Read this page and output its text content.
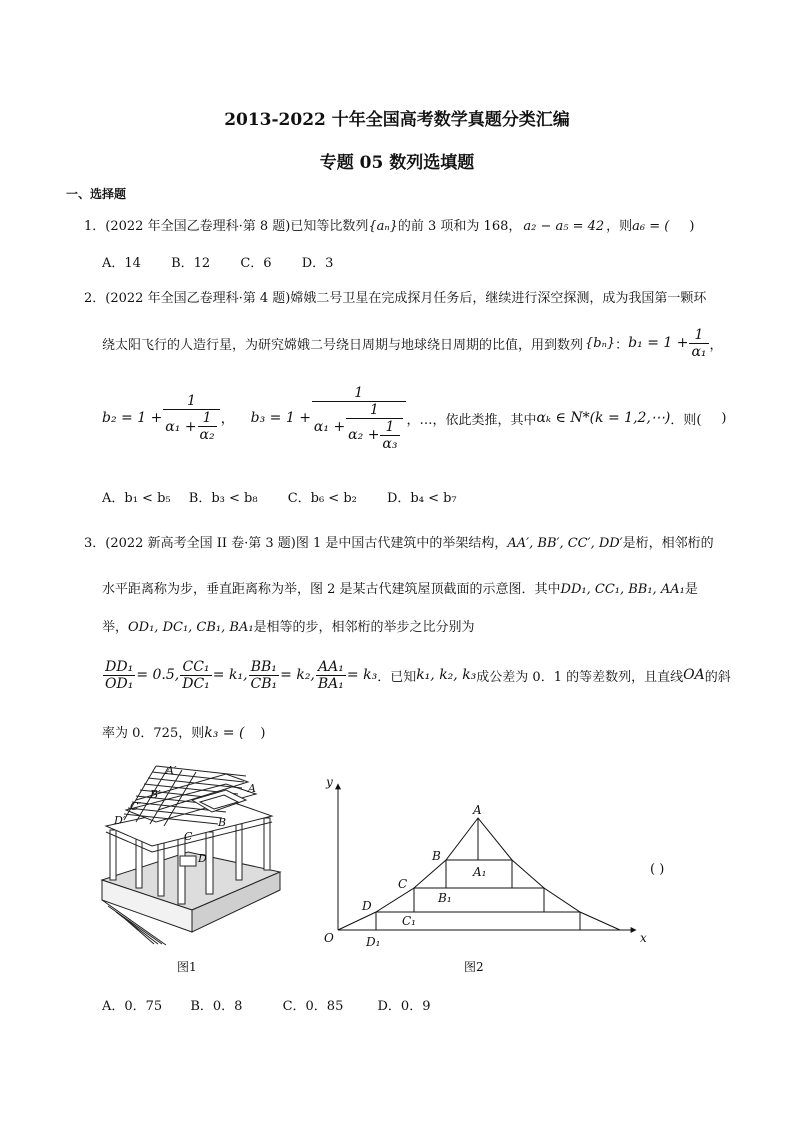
2013-2022 十年全国高考数学真题分类汇编
专题 05 数列选填题
一、选择题
1．(2022 年全国乙卷理科·第 8 题)已知等比数列{aₙ}的前 3 项和为 168， a₂ − a₅ = 42 ，则a₆ = ( )
A．14 B．12 C．6 D．3
2．(2022 年全国乙卷理科·第 4 题)嫦娥二号卫星在完成探月任务后，继续进行深空探测，成为我国第一颗环
绕太阳飞行的人造行星，为研究嫦娥二号绕日周期与地球绕日周期的比值，用到数列 {bₙ} ： $b_1 = 1 + \frac{1}{\text{α₁}}$ ，
$b_2 = 1 + \frac{1}{\alpha_1 + \frac{1}{\text{α₂}}}$ ， $b_3 = 1 + \frac{1}{\alpha_1 + \frac{1}{\alpha_2 + \frac{1}{\text{α₃}}}}$ ，…，依此类推，其中 αₖ ∈ N*(k = 1,2,⋯) ．则( )
A．b₁ < b₅ B．b₃ < b₈ C．b₆ < b₂ D．b₄ < b₇
3．(2022 新高考全国 II 卷·第 3 题)图 1 是中国古代建筑中的举架结构，AA′, BB′, CC′, DD′是桁，相邻桁的
水平距离称为步，垂直距离称为举，图 2 是某古代建筑屋顶截面的示意图．其中DD₁, CC₁, BB₁, AA₁是
举，OD₁, DC₁, CB₁, BA₁是相等的步，相邻桁的举步之比分别为
$\frac{\text{DD₁}}{\text{OD₁}} = 0.5$, $\frac{\text{CC₁}}{\text{DC₁}} = k_1$, $\frac{\text{BB₁}}{\text{CB₁}} = k_2$, $\frac{\text{AA₁}}{\text{BA₁}} = k_3$ ．已知 k₁, k₂, k₃ 成公差为 0．1 的等差数列，且直线 OA 的斜
率为 0．725，则k₃ = ( )
A′
A
B′
B
C′
C
D′
D
图1
y
x
O
A
A₁
B
B₁
C
C₁
D
D₁
图2
( )
A．0．75 B．0．8	C．0．85	D．0．9
